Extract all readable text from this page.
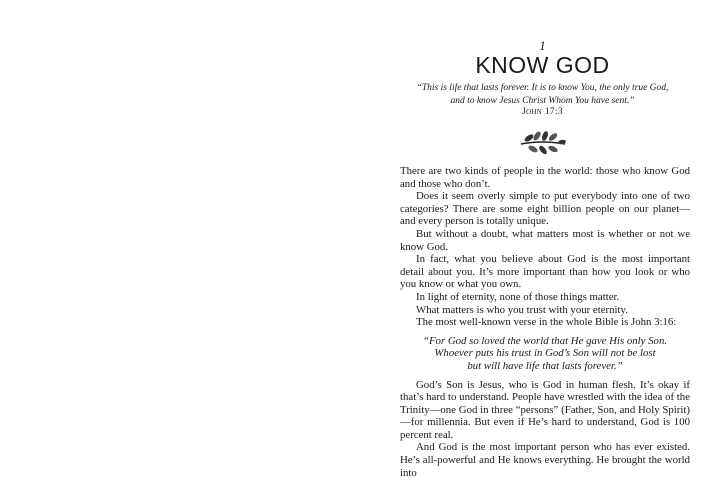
1
KNOW GOD
“This is life that lasts forever. It is to know You, the only true God,
and to know Jesus Christ Whom You have sent.”
John 17:3

There are two kinds of people in the world: those who know God and those who don’t.

Does it seem overly simple to put everybody into one of two categories? There are some eight billion people on our planet—and every person is totally unique.

But without a doubt, what matters most is whether or not we know God.

In fact, what you believe about God is the most important detail about you. It’s more important than how you look or who you know or what you own.

In light of eternity, none of those things matter.

What matters is who you trust with your eternity.

The most well-known verse in the whole Bible is John 3:16:

“For God so loved the world that He gave His only Son.
Whoever puts his trust in God’s Son will not be lost
but will have life that lasts forever.”

God’s Son is Jesus, who is God in human flesh. It’s okay if that’s hard to understand. People have wrestled with the idea of the Trinity—one God in three “persons” (Father, Son, and Holy Spirit)—for millennia. But even if He’s hard to understand, God is 100 percent real.

And God is the most important person who has ever existed. He’s all-powerful and He knows everything. He brought the world into
